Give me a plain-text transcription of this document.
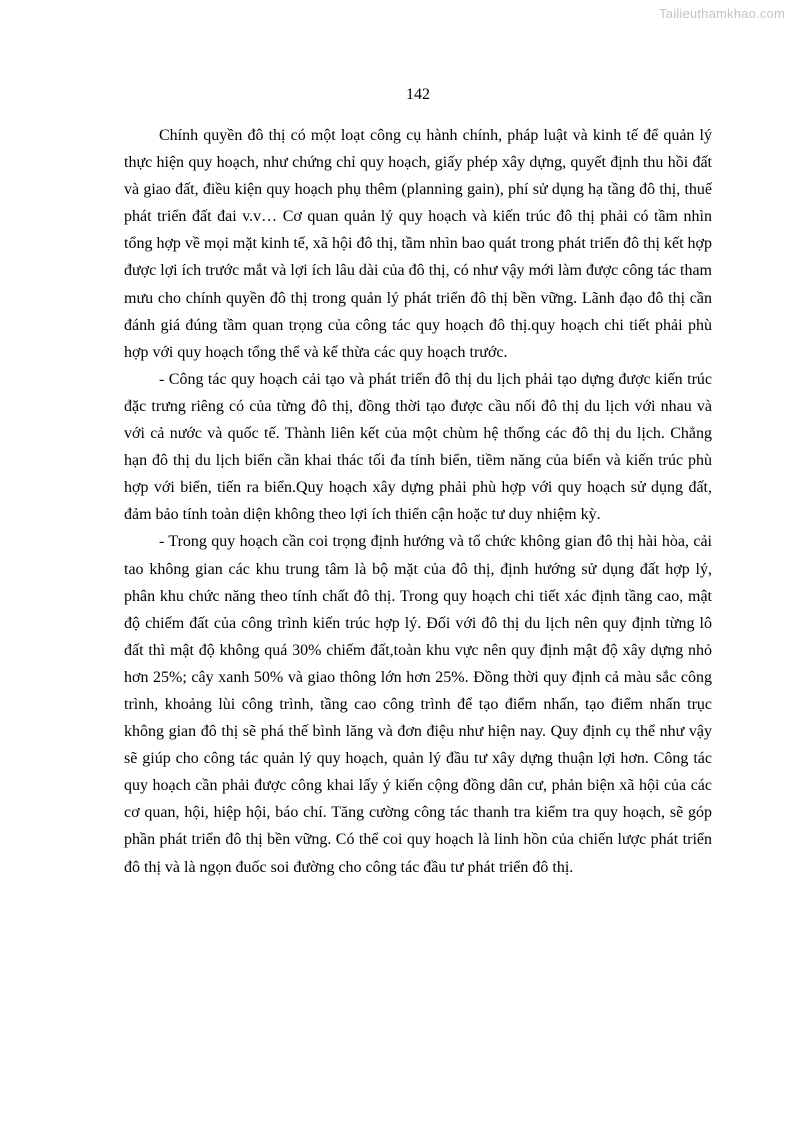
Tailieuthamkhao.com
142

Chính quyền đô thị có một loạt công cụ hành chính, pháp luật và kinh tế để quản lý thực hiện quy hoạch, như chứng chỉ quy hoạch, giấy phép xây dựng, quyết định thu hồi đất và giao đất, điều kiện quy hoạch phụ thêm (planning gain), phí sử dụng hạ tầng đô thị, thuế phát triển đất đai v.v… Cơ quan quản lý quy hoạch và kiến trúc đô thị phải có tầm nhìn tổng hợp về mọi mặt kinh tế, xã hội đô thị, tầm nhìn bao quát trong phát triển đô thị kết hợp được lợi ích trước mắt và lợi ích lâu dài của đô thị, có như vậy mới làm được công tác tham mưu cho chính quyền đô thị trong quản lý phát triển đô thị bền vững. Lãnh đạo đô thị cần đánh giá đúng tầm quan trọng của công tác quy hoạch đô thị.quy hoạch chi tiết phải phù hợp với quy hoạch tổng thể và kế thừa các quy hoạch trước.

- Công tác quy hoạch cải tạo và phát triển đô thị du lịch phải tạo dựng được kiến trúc đặc trưng riêng có của từng đô thị, đồng thời tạo được cầu nối đô thị du lịch với nhau và với cả nước và quốc tế. Thành liên kết của một chùm hệ thống các đô thị du lịch. Chẳng hạn đô thị du lịch biển cần khai thác tối đa tính biển, tiềm năng của biển và kiến trúc phù hợp với biển, tiến ra biển.Quy hoạch xây dựng phải phù hợp với quy hoạch sử dụng đất, đảm bảo tính toàn diện không theo lợi ích thiển cận hoặc tư duy nhiệm kỳ.

- Trong quy hoạch cần coi trọng định hướng và tổ chức không gian đô thị hài hòa, cải tao không gian các khu trung tâm là bộ mặt của đô thị, định hướng sử dụng đất hợp lý, phân khu chức năng theo tính chất đô thị. Trong quy hoạch chi tiết xác định tầng cao, mật độ chiếm đất của công trình kiến trúc hợp lý. Đối với đô thị du lịch nên quy định từng lô đất thì mật độ không quá 30% chiếm đất,toàn khu vực nên quy định mật độ xây dựng nhỏ hơn 25%; cây xanh 50% và giao thông lớn hơn 25%. Đồng thời quy định cả màu sắc công trình, khoảng lùi công trình, tầng cao công trình để tạo điểm nhấn, tạo điểm nhấn trục không gian đô thị sẽ phá thế bình lăng và đơn điệu như hiện nay. Quy định cụ thể như vậy sẽ giúp cho công tác quản lý quy hoạch, quản lý đầu tư xây dựng thuận lợi hơn. Công tác quy hoạch cần phải được công khai lấy ý kiến cộng đồng dân cư, phản biện xã hội của các cơ quan, hội, hiệp hội, báo chí. Tăng cường công tác thanh tra kiểm tra quy hoạch, sẽ góp phần phát triển đô thị bền vững. Có thể coi quy hoạch là linh hồn của chiến lược phát triển đô thị và là ngọn đuốc soi đường cho công tác đầu tư phát triển đô thị.
